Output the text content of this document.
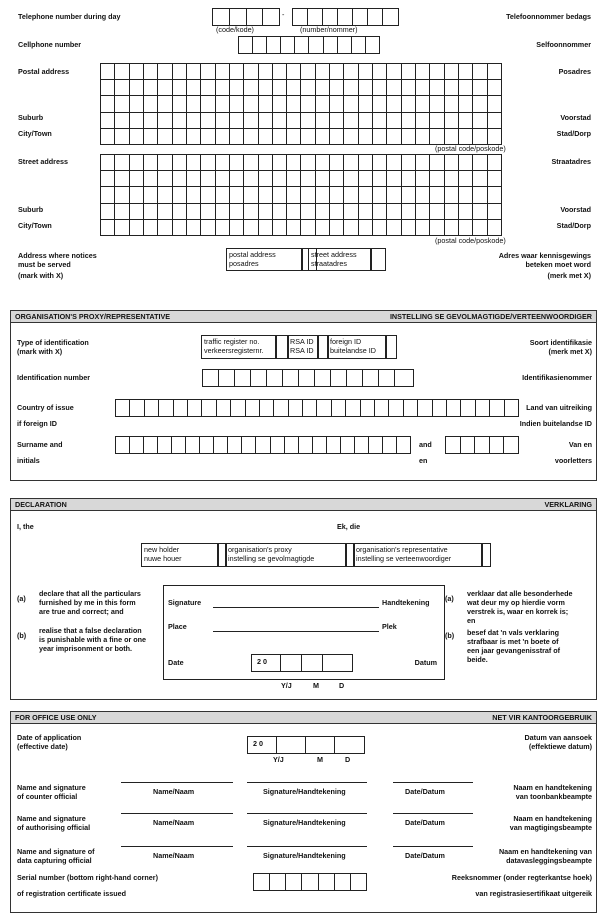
Telephone number during day	Telefoonnommer bedags
-
(code/kode)	(number/nommer)
Cellphone number	Selfoonnommer
Postal address	Posadres
Suburb	Voorstad
City/Town	Stad/Dorp
(postal code/poskode)
Street address	Straatadres
Suburb	Voorstad
City/Town	Stad/Dorp
(postal code/poskode)
Address where notices
must be served
(mark with X)
Adres waar kennisgewings
beteken moet word
(merk met X)
postal address
posadres
street address
straatadres
ORGANISATION'S PROXY/REPRESENTATIVE	INSTELLING SE GEVOLMAGTIGDE/VERTEENWOORDIGER
Type of identification
(mark with X)
Soort identifikasie
(merk met X)
traffic register no.
verkeersregisternr.
RSA ID
RSA ID
foreign ID
buitelandse ID
Identification number	Identifikasienommer
Country of issue
if foreign ID
Land van uitreiking
Indien buitelandse ID
Surname and
initials
Van en
voorletters
and
en
DECLARATION	VERKLARING
I, the	Ek, die
new holder
nuwe houer
organisation's proxy
instelling se gevolmagtigde
organisation's representative
instelling se verteenwoordiger
(a)
declare that all the particulars
furnished by me in this form
are true and correct; and
(b)
realise that a false declaration
is punishable with a fine or one
year imprisonment or both.
Signature	Handtekening
Place	Plek
Date	Datum
2 0
Y/J	M	D
(a)
verklaar dat alle besonderhede
wat deur my op hierdie vorm
verstrek is, waar en korrek is;
en
(b) besef dat 'n vals verklaring
strafbaar is met 'n boete of
een jaar gevangenisstraf of
beide.
FOR OFFICE USE ONLY	NET VIR KANTOORGEBRUIK
Date of application
(effective date)
Datum van aansoek
(effektiewe datum)
2 0
Y/J	M	D
Name and signature
of counter official
Naam en handtekening
van toonbankbeampte
Name/Naam	Signature/Handtekening	Date/Datum
Name and signature
of authorising official
Naam en handtekening
van magtigingsbeampte
Name/Naam	Signature/Handtekening	Date/Datum
Name and signature of
data capturing official
Naam en handtekening van
datavasleggingsbeampte
Name/Naam	Signature/Handtekening	Date/Datum
Serial number (bottom right-hand corner)
of registration certificate issued
Reeksnommer (onder regterkantse hoek)
van registrasiesertifikaat uitgereik
